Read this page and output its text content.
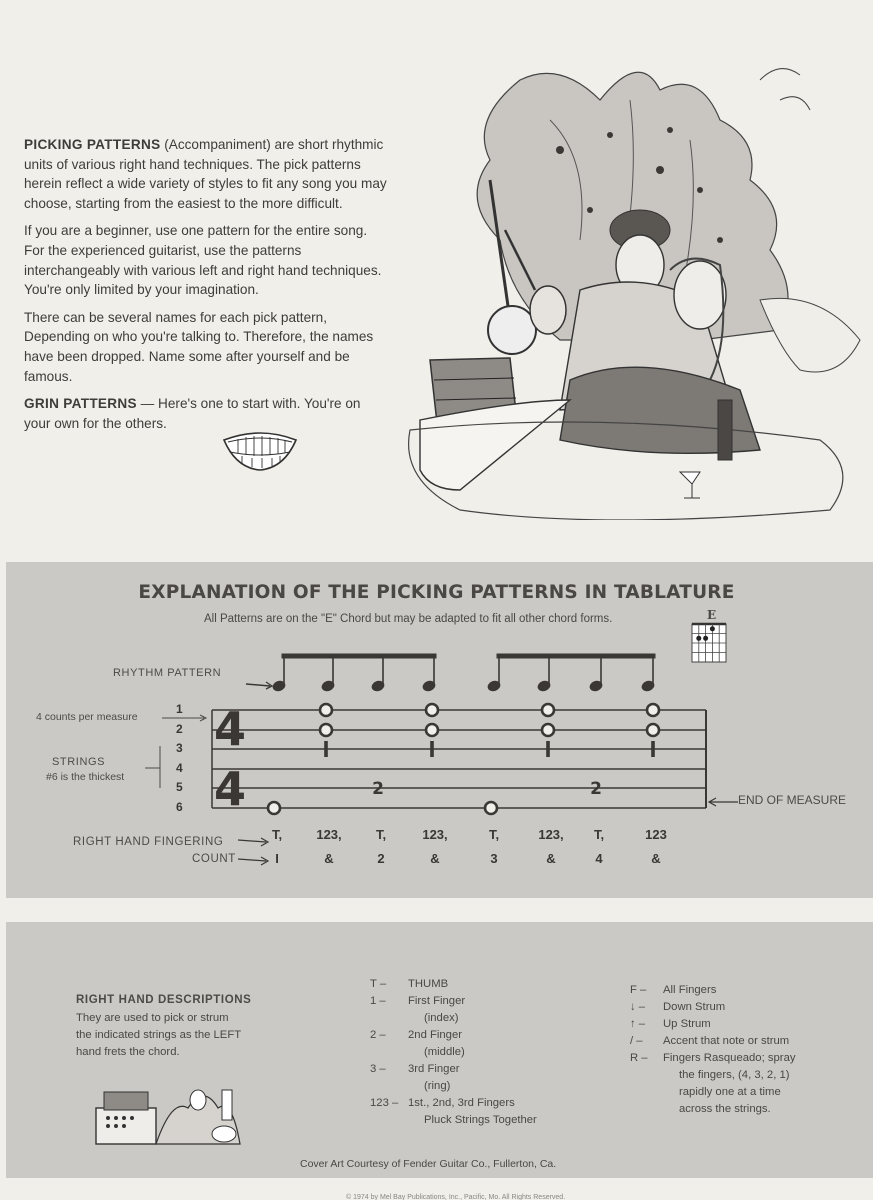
PICKING PATTERNS (Accompaniment) are short rhythmic units of various right hand techniques. The pick patterns herein reflect a wide variety of styles to fit any song you may choose, starting from the easiest to the more difficult.

If you are a beginner, use one pattern for the entire song. For the experienced guitarist, use the patterns interchangeably with various left and right hand techniques. You're only limited by your imagination.

There can be several names for each pick pattern, Depending on who you're talking to. Therefore, the names have been dropped. Name some after yourself and be famous.

GRIN PATTERNS — Here's one to start with. You're on your own for the others.

EXPLANATION OF THE PICKING PATTERNS IN TABLATURE
All Patterns are on the "E" Chord but may be adapted to fit all other chord forms.	E
RHYTHM PATTERN
4 counts per measure
STRINGS
#6 is the thickest
1
2
3
4
5
6
4
4	2	2
END OF MEASURE
RIGHT HAND FINGERING
COUNT
T,	123,	T,	123,	T,	123,	T,	123
I	&	2	&	3	&	4	&
RIGHT HAND DESCRIPTIONS
They are used to pick or strum
the indicated strings as the LEFT
hand frets the chord.
T – THUMB
1 – First Finger
(index)
2 – 2nd Finger
(middle)
3 – 3rd Finger
(ring)
123 – 1st., 2nd, 3rd Fingers
Pluck Strings Together
F – All Fingers
↓ – Down Strum
↑ – Up Strum
/ – Accent that note or strum
R – Fingers Rasqueado; spray
the fingers, (4, 3, 2, 1)
rapidly one at a time
across the strings.
Cover Art Courtesy of Fender Guitar Co., Fullerton, Ca.
© 1974 by Mel Bay Publications, Inc., Pacific, Mo. All Rights Reserved.
